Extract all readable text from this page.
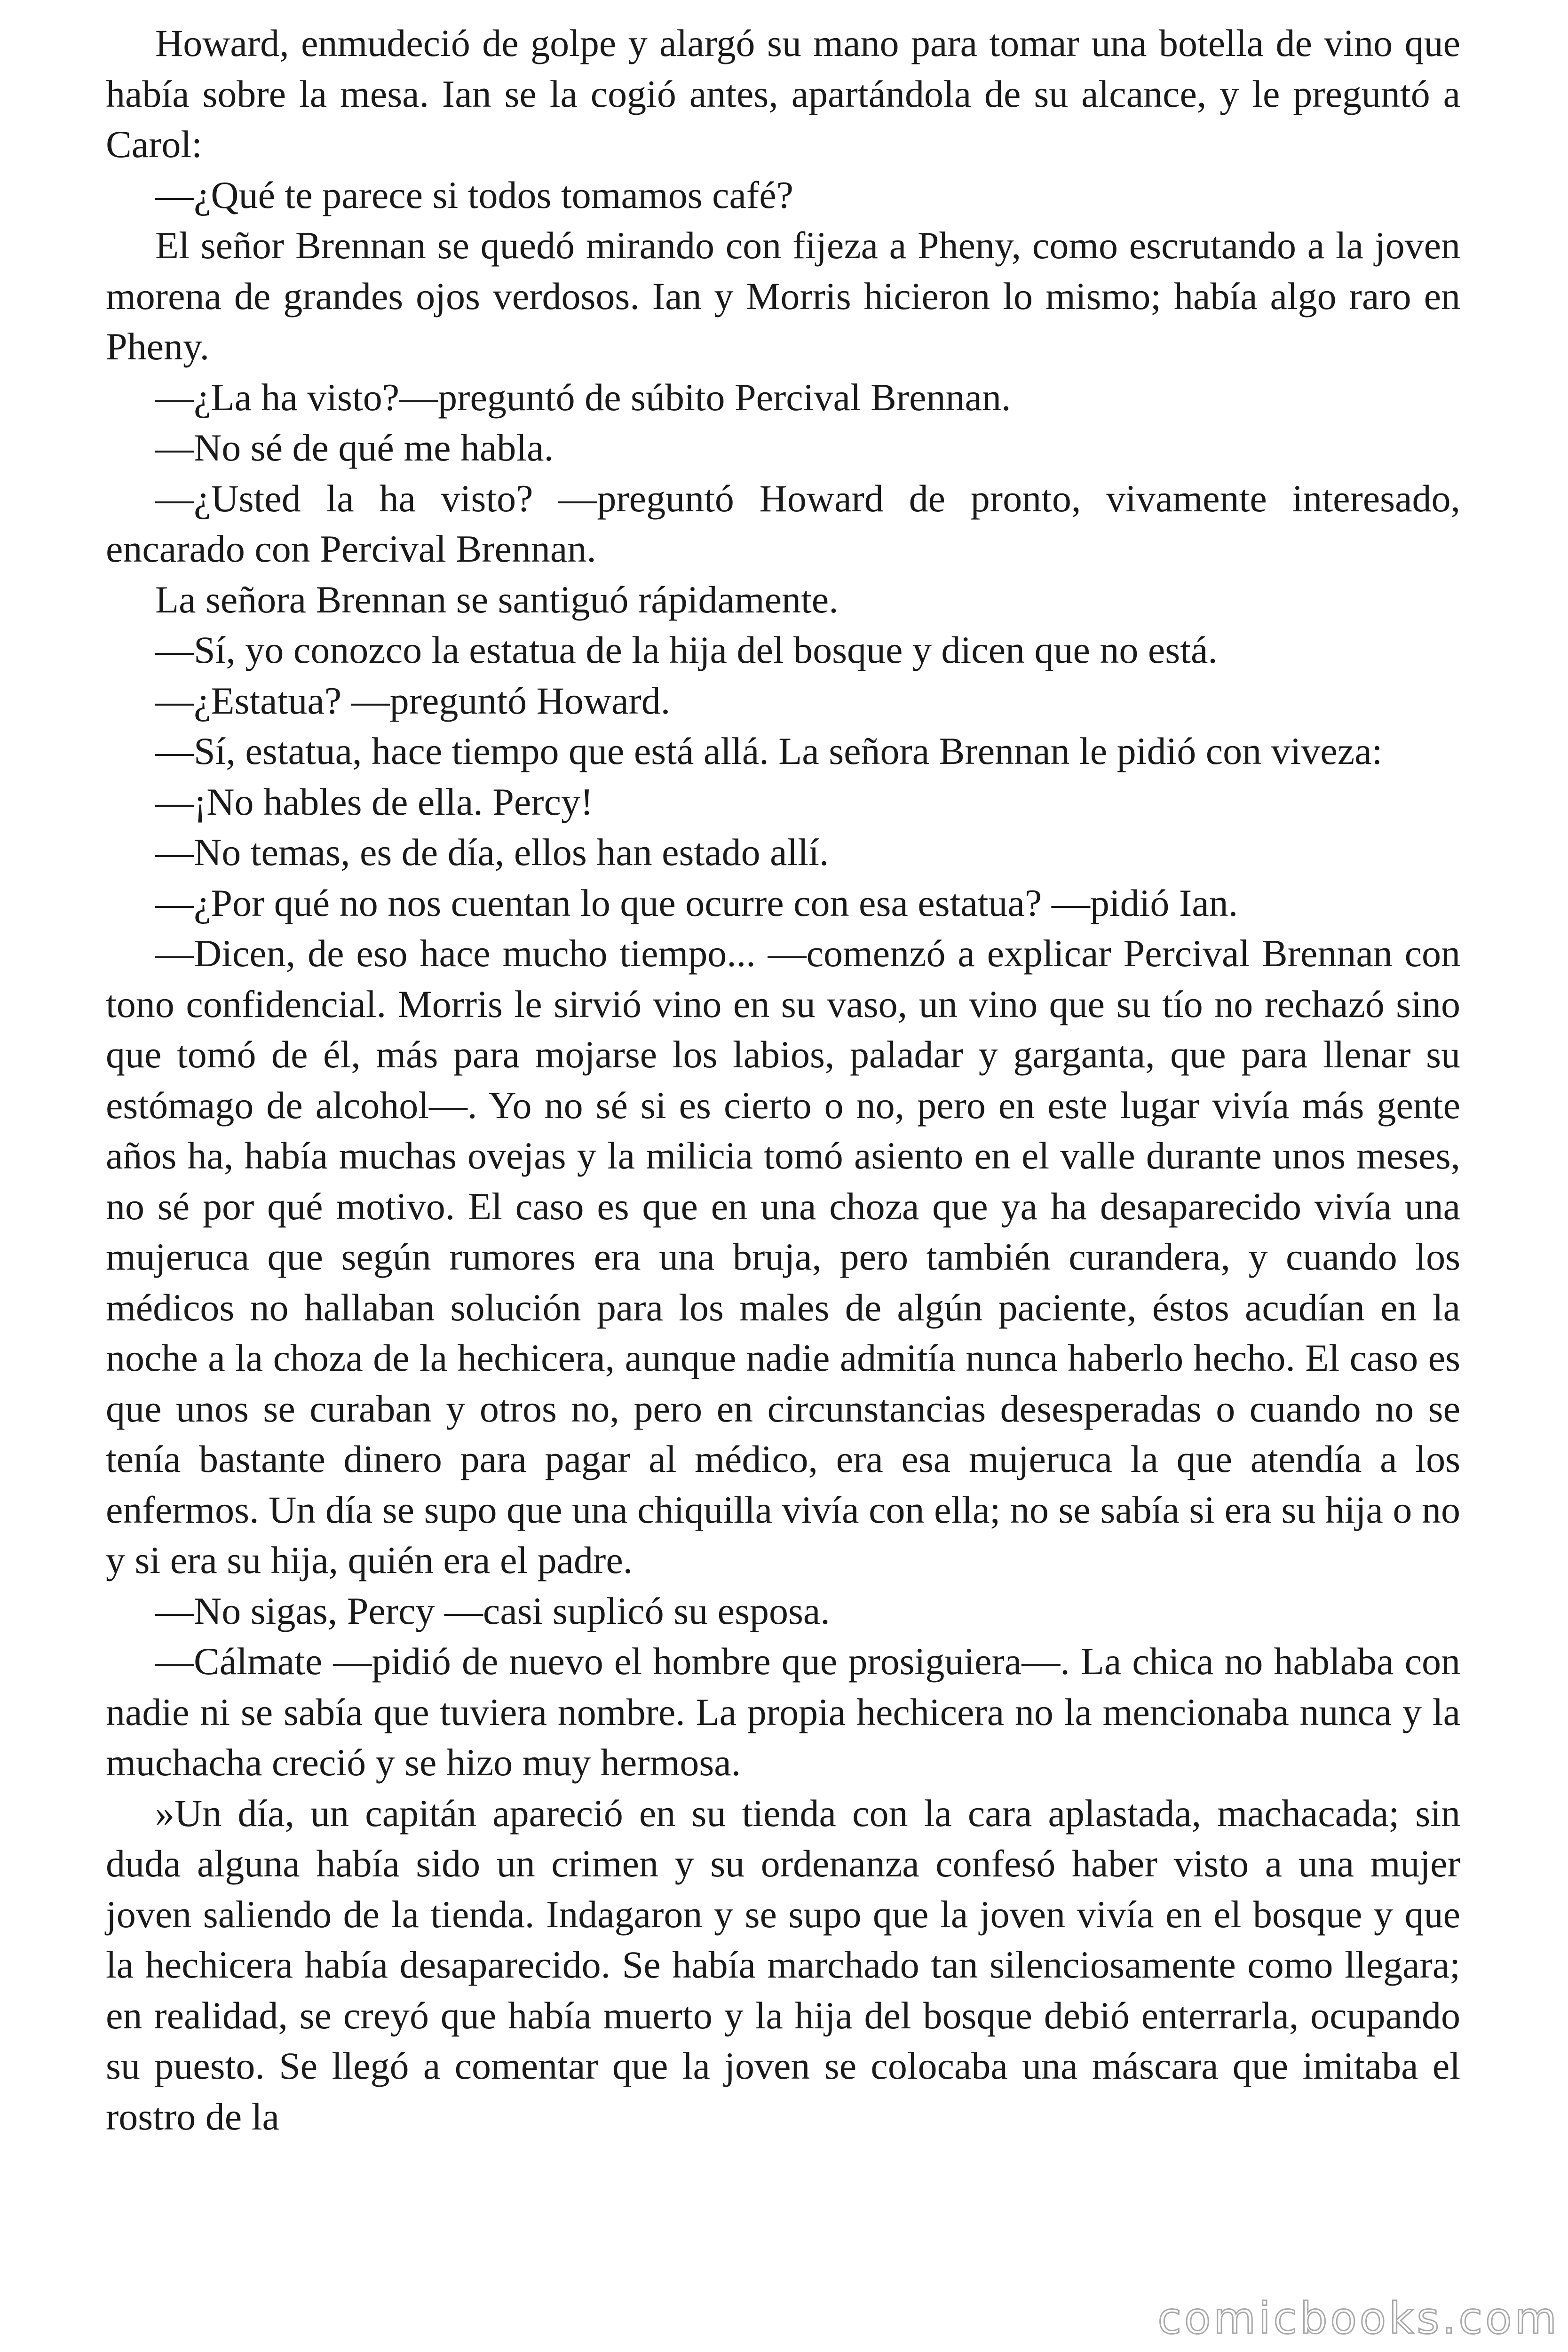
Howard, enmudeció de golpe y alargó su mano para tomar una botella de vino que había sobre la mesa. Ian se la cogió antes, apartándola de su alcance, y le preguntó a Carol:

—¿Qué te parece si todos tomamos café?

El señor Brennan se quedó mirando con fijeza a Pheny, como escrutando a la joven morena de grandes ojos verdosos. Ian y Morris hicieron lo mismo; había algo raro en Pheny.

—¿La ha visto?—preguntó de súbito Percival Brennan.

—No sé de qué me habla.

—¿Usted la ha visto? —preguntó Howard de pronto, vivamente interesado, encarado con Percival Brennan.

La señora Brennan se santiguó rápidamente.

—Sí, yo conozco la estatua de la hija del bosque y dicen que no está.

—¿Estatua? —preguntó Howard.

—Sí, estatua, hace tiempo que está allá. La señora Brennan le pidió con viveza:

—¡No hables de ella. Percy!

—No temas, es de día, ellos han estado allí.

—¿Por qué no nos cuentan lo que ocurre con esa estatua? —pidió Ian.

—Dicen, de eso hace mucho tiempo... —comenzó a explicar Percival Brennan con tono confidencial. Morris le sirvió vino en su vaso, un vino que su tío no rechazó sino que tomó de él, más para mojarse los labios, paladar y garganta, que para llenar su estómago de alcohol—. Yo no sé si es cierto o no, pero en este lugar vivía más gente años ha, había muchas ovejas y la milicia tomó asiento en el valle durante unos meses, no sé por qué motivo. El caso es que en una choza que ya ha desaparecido vivía una mujeruca que según rumores era una bruja, pero también curandera, y cuando los médicos no hallaban solución para los males de algún paciente, éstos acudían en la noche a la choza de la hechicera, aunque nadie admitía nunca haberlo hecho. El caso es que unos se curaban y otros no, pero en circunstancias desesperadas o cuando no se tenía bastante dinero para pagar al médico, era esa mujeruca la que atendía a los enfermos. Un día se supo que una chiquilla vivía con ella; no se sabía si era su hija o no y si era su hija, quién era el padre.

—No sigas, Percy —casi suplicó su esposa.

—Cálmate —pidió de nuevo el hombre que prosiguiera—. La chica no hablaba con nadie ni se sabía que tuviera nombre. La propia hechicera no la mencionaba nunca y la muchacha creció y se hizo muy hermosa.

»Un día, un capitán apareció en su tienda con la cara aplastada, machacada; sin duda alguna había sido un crimen y su ordenanza confesó haber visto a una mujer joven saliendo de la tienda. Indagaron y se supo que la joven vivía en el bosque y que la hechicera había desaparecido. Se había marchado tan silenciosamente como llegara; en realidad, se creyó que había muerto y la hija del bosque debió enterrarla, ocupando su puesto. Se llegó a comentar que la joven se colocaba una máscara que imitaba el rostro de la

comicbooks.com
